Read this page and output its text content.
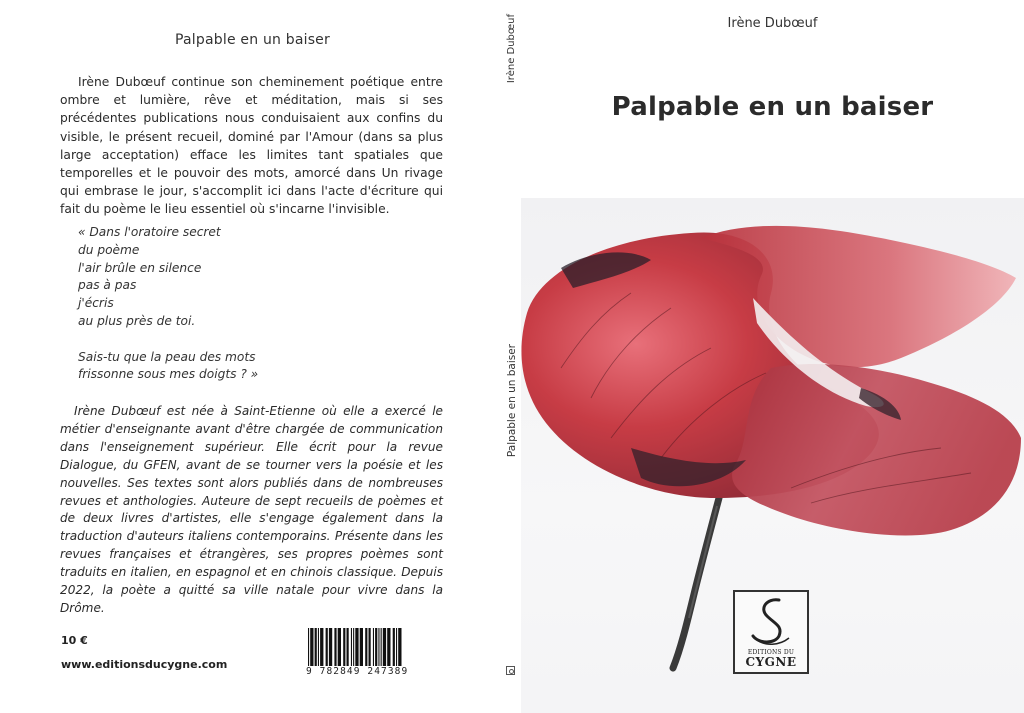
Palpable en un baiser

Irène Dubœuf continue son cheminement poétique entre ombre et lumière, rêve et méditation, mais si ses précédentes publications nous conduisaient aux confins du visible, le présent recueil, dominé par l'Amour (dans sa plus large acceptation) efface les limites tant spatiales que temporelles et le pouvoir des mots, amorcé dans Un rivage qui embrase le jour, s'accomplit ici dans l'acte d'écriture qui fait du poème le lieu essentiel où s'incarne l'invisible.

« Dans l'oratoire secret
du poème
l'air brûle en silence
pas à pas
j'écris
au plus près de toi.

Sais-tu que la peau des mots
frissonne sous mes doigts ? »

Irène Dubœuf est née à Saint-Etienne où elle a exercé le métier d'enseignante avant d'être chargée de communication dans l'enseignement supérieur. Elle écrit pour la revue Dialogue, du GFEN, avant de se tourner vers la poésie et les nouvelles. Ses textes sont alors publiés dans de nombreuses revues et anthologies. Auteure de sept recueils de poèmes et de deux livres d'artistes, elle s'engage également dans la traduction d'auteurs italiens contemporains. Présente dans les revues françaises et étrangères, ses propres poèmes sont traduits en italien, en espagnol et en chinois classique. Depuis 2022, la poète a quitté sa ville natale pour vivre dans la Drôme.

10 €
www.editionsducygne.com
9 782849 247389
Irène Dubœuf
Palpable en un baiser
Irène Dubœuf
Palpable en un baiser
EDITIONS DU
CYGNE
